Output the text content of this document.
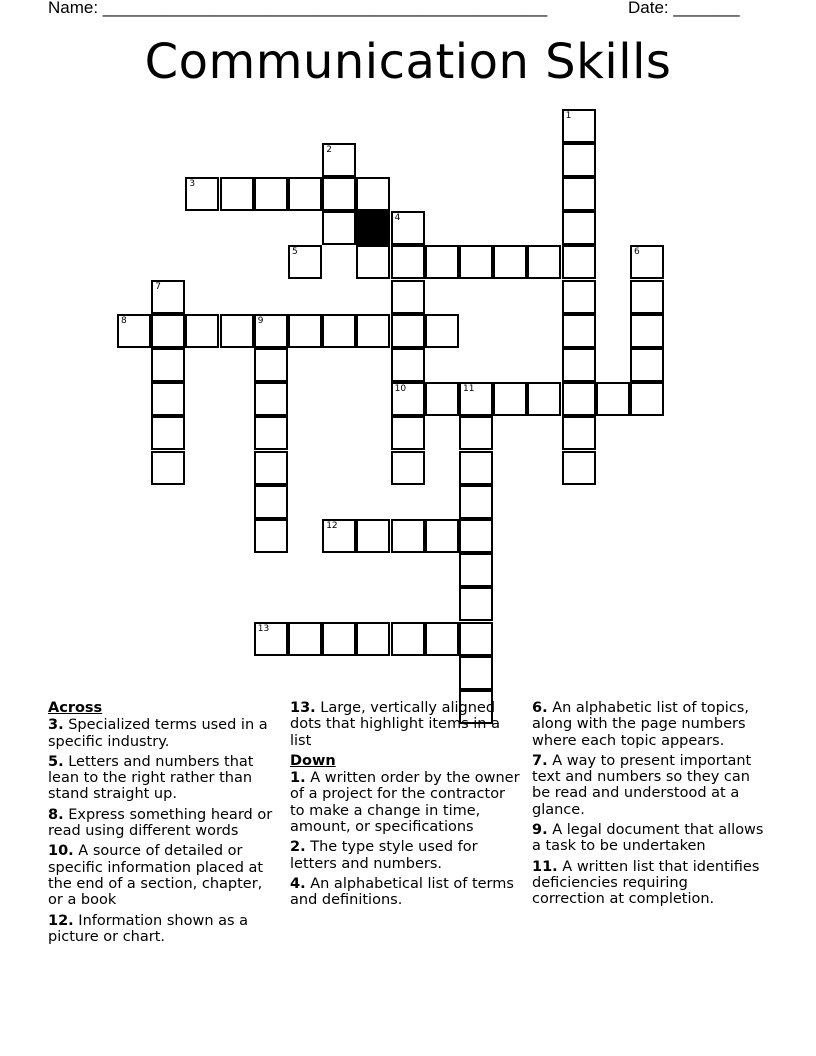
Name: _______________________________________________	Date: _______
Communication Skills
1
2
3
4
10
5	6
7
8	9
11
12
13
Across
3. Specialized terms used in a specific industry.
5. Letters and numbers that lean to the right rather than stand straight up.
8. Express something heard or read using different words
10. A source of detailed or specific information placed at the end of a section, chapter, or a book
12. Information shown as a picture or chart.
13. Large, vertically aligned dots that highlight items in a list
Down
1. A written order by the owner of a project for the contractor to make a change in time, amount, or specifications
2. The type style used for letters and numbers.
4. An alphabetical list of terms and definitions.
6. An alphabetic list of topics, along with the page numbers where each topic appears.
7. A way to present important text and numbers so they can be read and understood at a glance.
9. A legal document that allows a task to be undertaken
11. A written list that identifies deficiencies requiring correction at completion.
